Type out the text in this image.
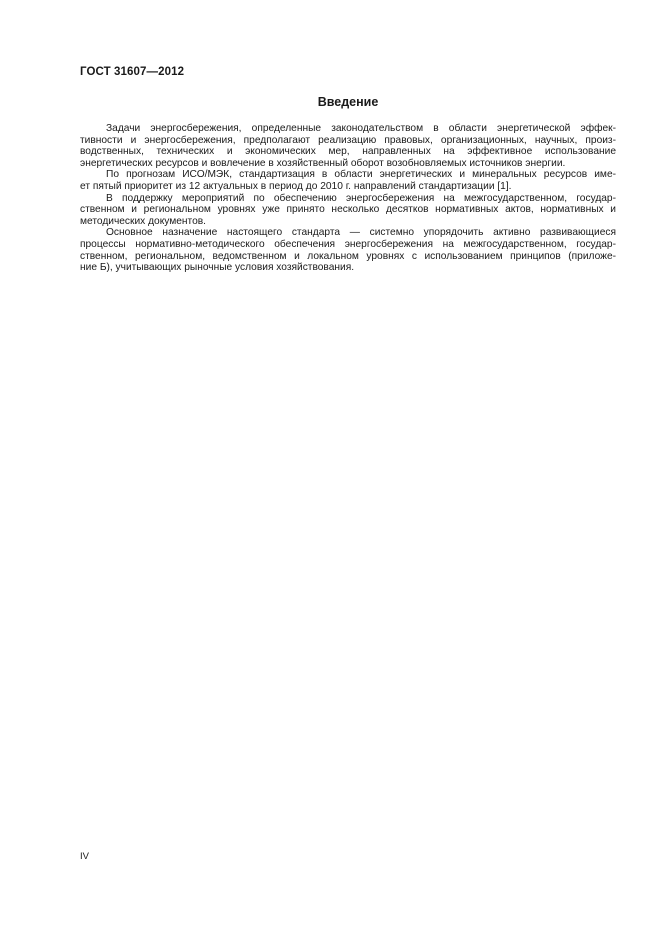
ГОСТ 31607—2012
Введение
Задачи энергосбережения, определенные законодательством в области энергетической эффек-
тивности и энергосбережения, предполагают реализацию правовых, организационных, научных, произ-
водственных, технических и экономических мер, направленных на эффективное использование
энергетических ресурсов и вовлечение в хозяйственный оборот возобновляемых источников энергии.
По прогнозам ИСО/МЭК, стандартизация в области энергетических и минеральных ресурсов име-
ет пятый приоритет из 12 актуальных в период до 2010 г. направлений стандартизации [1].
В поддержку мероприятий по обеспечению энергосбережения на межгосударственном, государ-
ственном и региональном уровнях уже принято несколько десятков нормативных актов, нормативных и
методических документов.
Основное назначение настоящего стандарта — системно упорядочить активно развивающиеся
процессы нормативно-методического обеспечения энергосбережения на межгосударственном, государ-
ственном, региональном, ведомственном и локальном уровнях с использованием принципов (приложе-
ние Б), учитывающих рыночные условия хозяйствования.
IV
